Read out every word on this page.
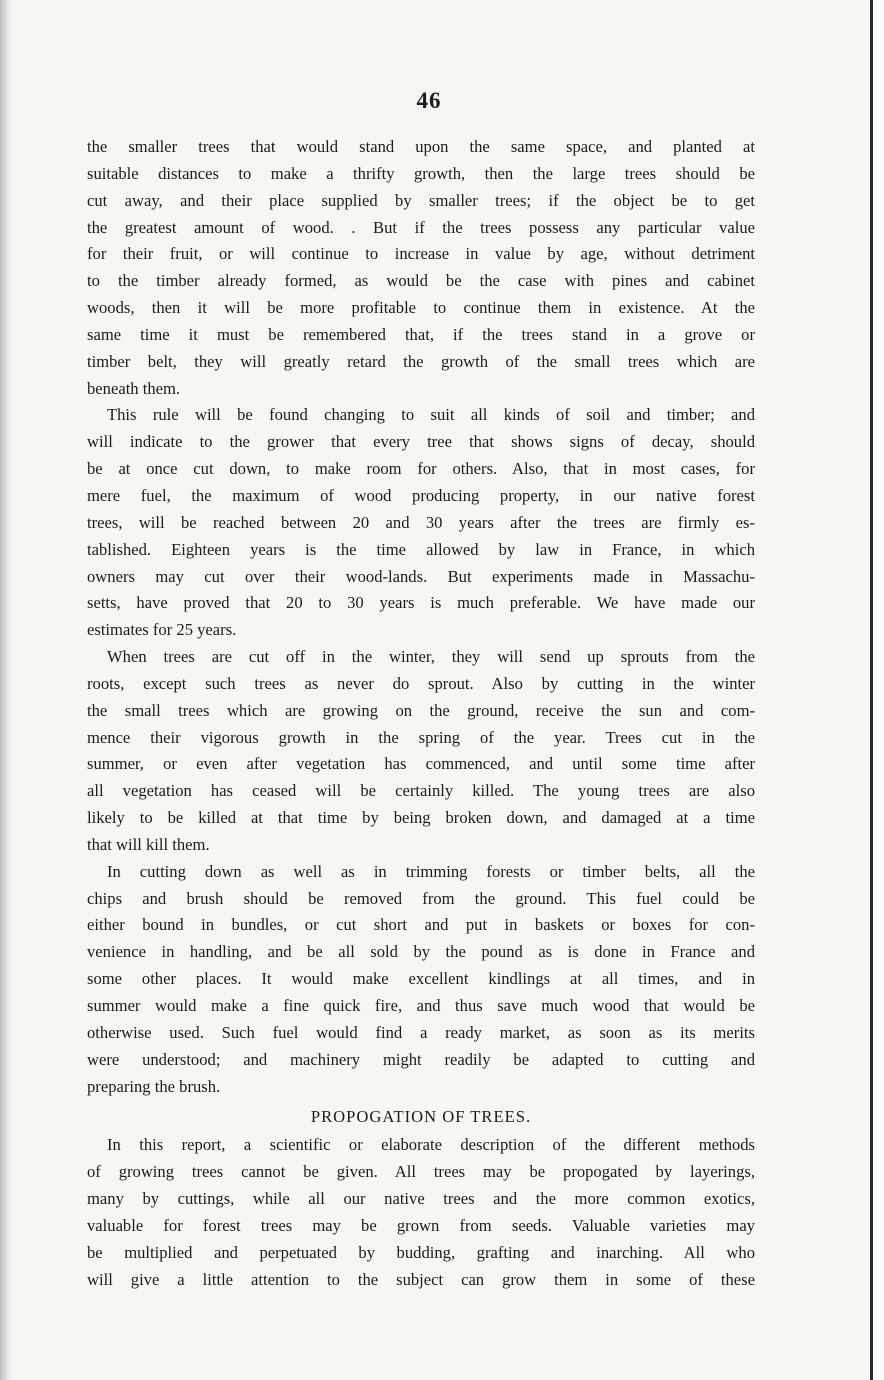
46
the smaller trees that would stand upon the same space, and planted at
suitable distances to make a thrifty growth, then the large trees should be
cut away, and their place supplied by smaller trees; if the object be to get
the greatest amount of wood. . But if the trees possess any particular value
for their fruit, or will continue to increase in value by age, without detriment
to the timber already formed, as would be the case with pines and cabinet
woods, then it will be more profitable to continue them in existence. At the
same time it must be remembered that, if the trees stand in a grove or
timber belt, they will greatly retard the growth of the small trees which are
beneath them.
This rule will be found changing to suit all kinds of soil and timber; and
will indicate to the grower that every tree that shows signs of decay, should
be at once cut down, to make room for others. Also, that in most cases, for
mere fuel, the maximum of wood producing property, in our native forest
trees, will be reached between 20 and 30 years after the trees are firmly es-
tablished. Eighteen years is the time allowed by law in France, in which
owners may cut over their wood-lands. But experiments made in Massachu-
setts, have proved that 20 to 30 years is much preferable. We have made our
estimates for 25 years.
When trees are cut off in the winter, they will send up sprouts from the
roots, except such trees as never do sprout. Also by cutting in the winter
the small trees which are growing on the ground, receive the sun and com-
mence their vigorous growth in the spring of the year. Trees cut in the
summer, or even after vegetation has commenced, and until some time after
all vegetation has ceased will be certainly killed. The young trees are also
likely to be killed at that time by being broken down, and damaged at a time
that will kill them.
In cutting down as well as in trimming forests or timber belts, all the
chips and brush should be removed from the ground. This fuel could be
either bound in bundles, or cut short and put in baskets or boxes for con-
venience in handling, and be all sold by the pound as is done in France and
some other places. It would make excellent kindlings at all times, and in
summer would make a fine quick fire, and thus save much wood that would be
otherwise used. Such fuel would find a ready market, as soon as its merits
were understood; and machinery might readily be adapted to cutting and
preparing the brush.
PROPOGATION OF TREES.
In this report, a scientific or elaborate description of the different methods
of growing trees cannot be given. All trees may be propogated by layerings,
many by cuttings, while all our native trees and the more common exotics,
valuable for forest trees may be grown from seeds. Valuable varieties may
be multiplied and perpetuated by budding, grafting and inarching. All who
will give a little attention to the subject can grow them in some of these
